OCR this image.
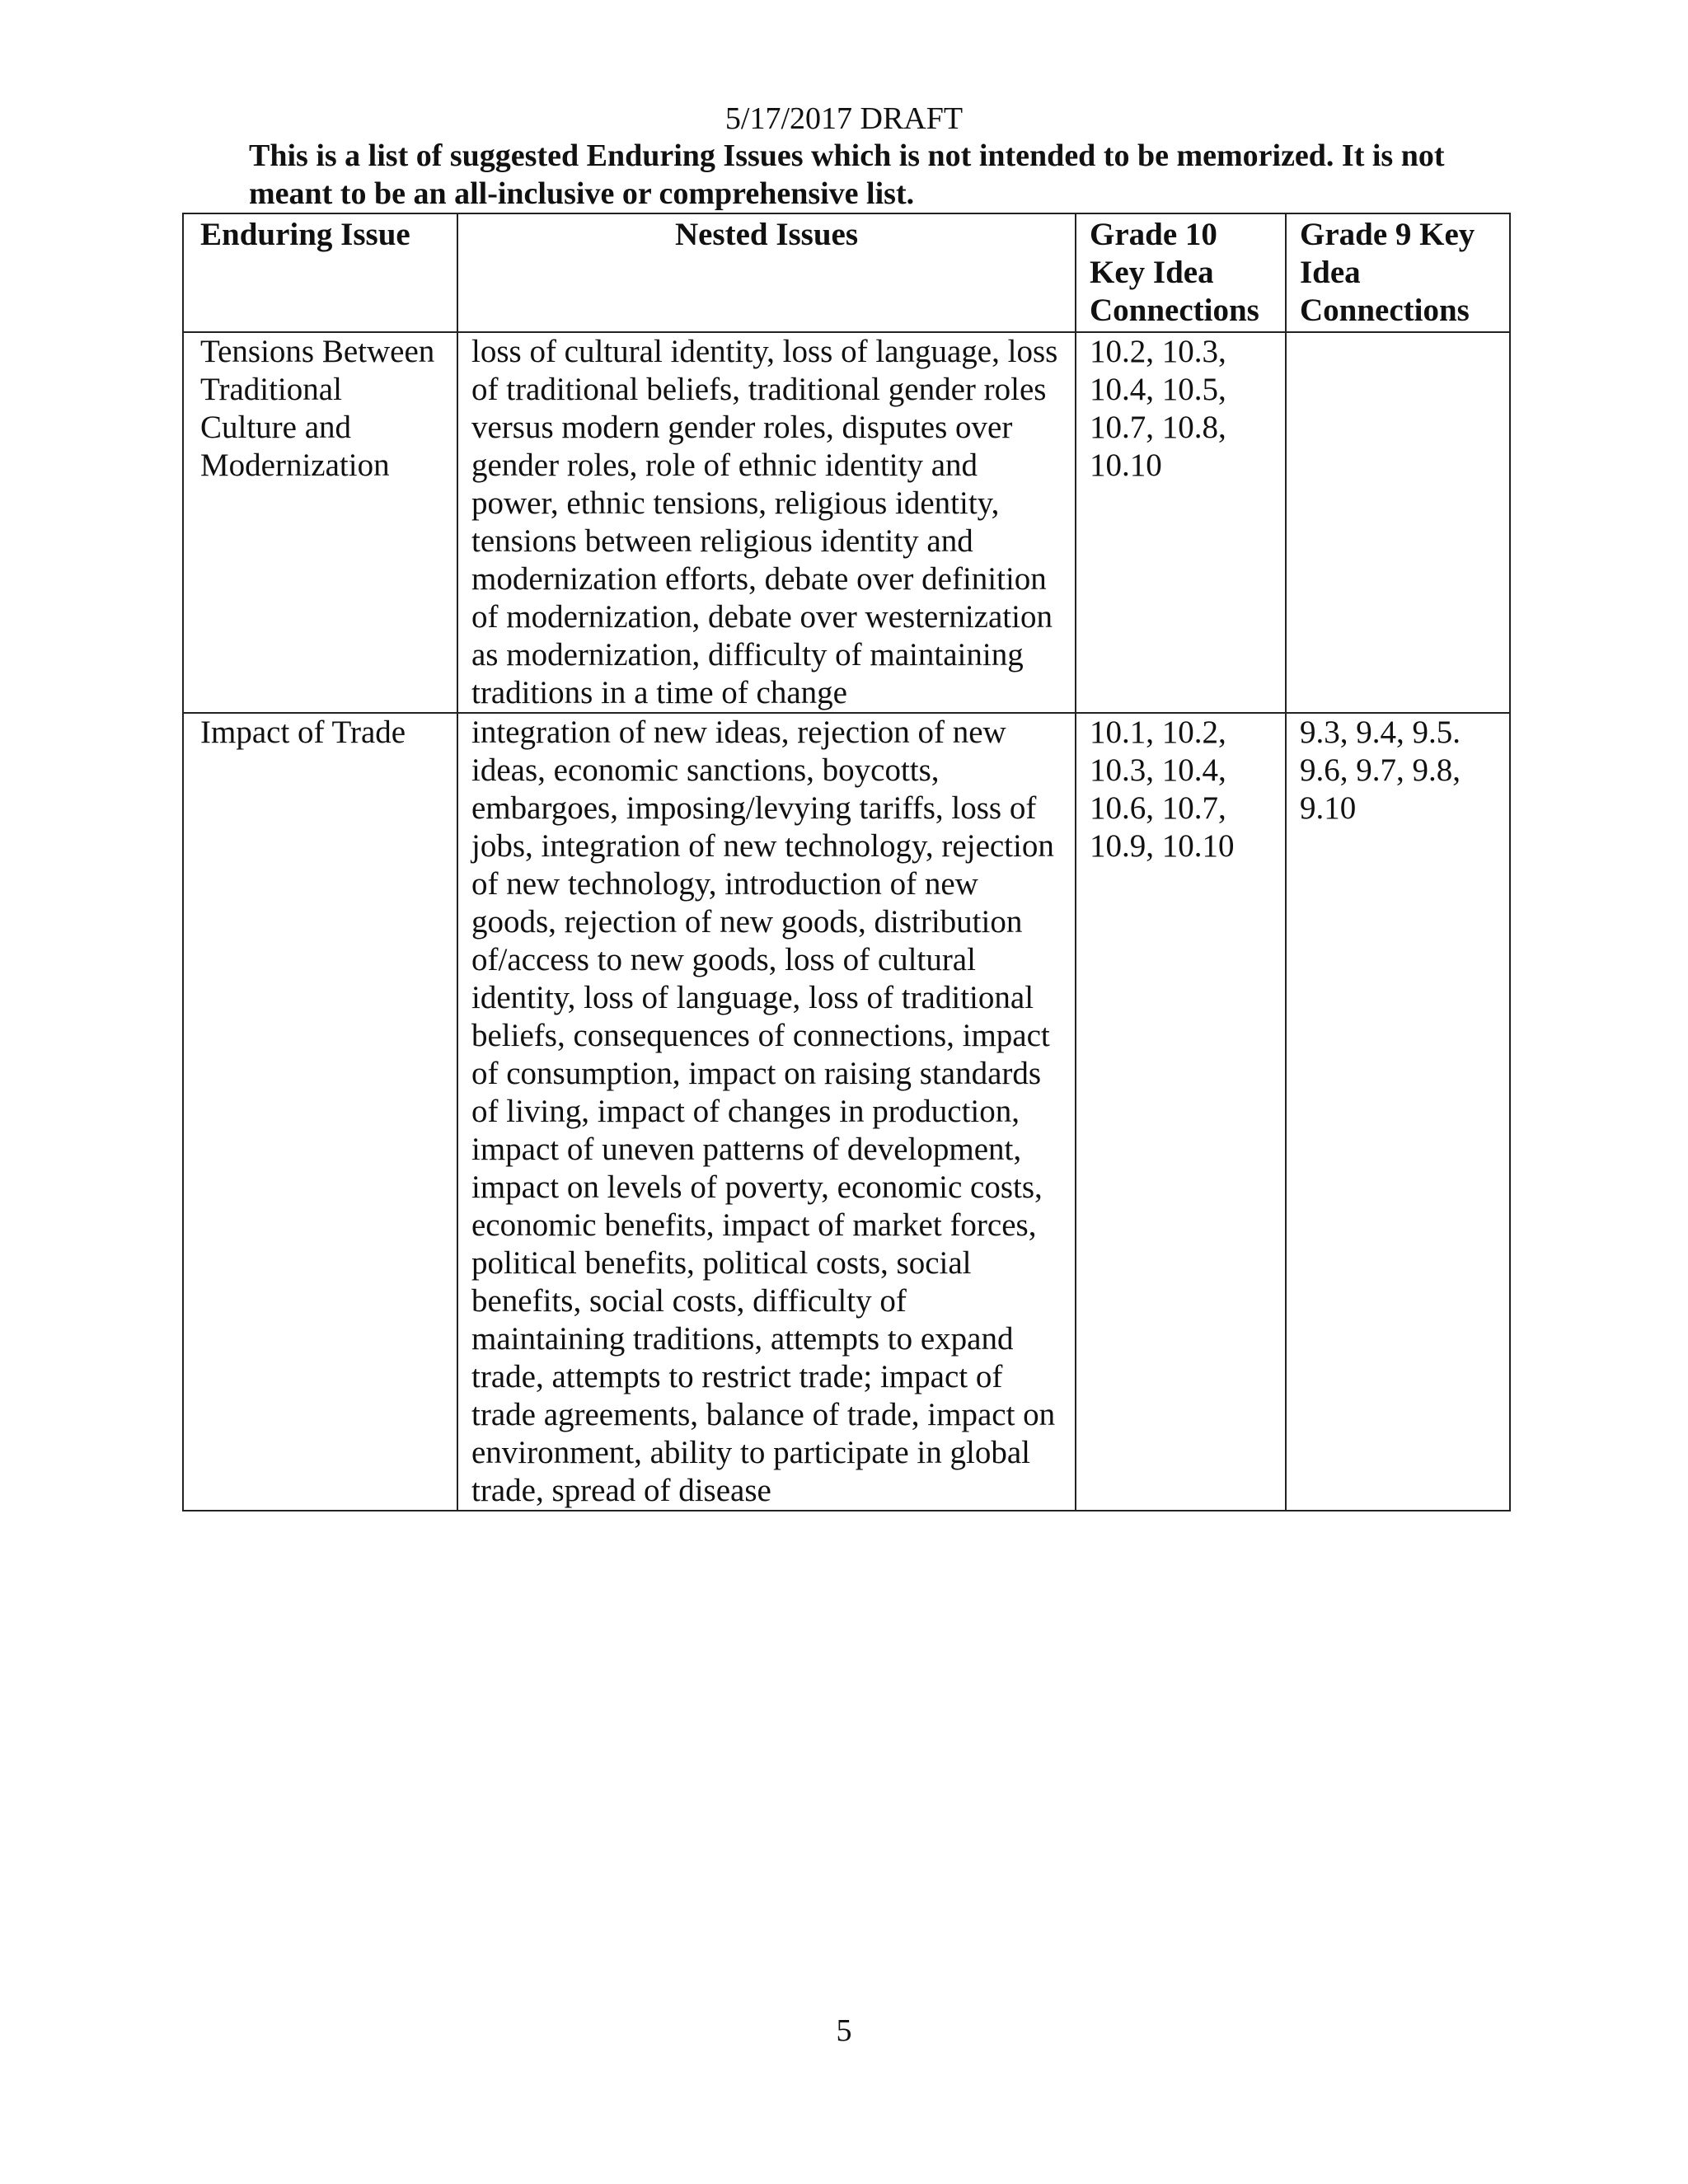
5/17/2017 DRAFT
This is a list of suggested Enduring Issues which is not intended to be memorized. It is not meant to be an all-inclusive or comprehensive list.
Enduring Issue	Nested Issues	Grade 10 Key Idea Connections	Grade 9 Key Idea Connections
Tensions Between Traditional Culture and Modernization	loss of cultural identity, loss of language, loss of traditional beliefs, traditional gender roles versus modern gender roles, disputes over gender roles, role of ethnic identity and power, ethnic tensions, religious identity, tensions between religious identity and modernization efforts, debate over definition of modernization, debate over westernization as modernization, difficulty of maintaining traditions in a time of change	10.2, 10.3, 10.4, 10.5, 10.7, 10.8, 10.10	
Impact of Trade	integration of new ideas, rejection of new ideas, economic sanctions, boycotts, embargoes, imposing/levying tariffs, loss of jobs, integration of new technology, rejection of new technology, introduction of new goods, rejection of new goods, distribution of/access to new goods, loss of cultural identity, loss of language, loss of traditional beliefs, consequences of connections, impact of consumption, impact on raising standards of living, impact of changes in production, impact of uneven patterns of development, impact on levels of poverty, economic costs, economic benefits, impact of market forces, political benefits, political costs, social benefits, social costs, difficulty of maintaining traditions, attempts to expand trade, attempts to restrict trade; impact of trade agreements, balance of trade, impact on environment, ability to participate in global trade, spread of disease	10.1, 10.2, 10.3, 10.4, 10.6, 10.7, 10.9, 10.10	9.3, 9.4, 9.5. 9.6, 9.7, 9.8, 9.10
5
